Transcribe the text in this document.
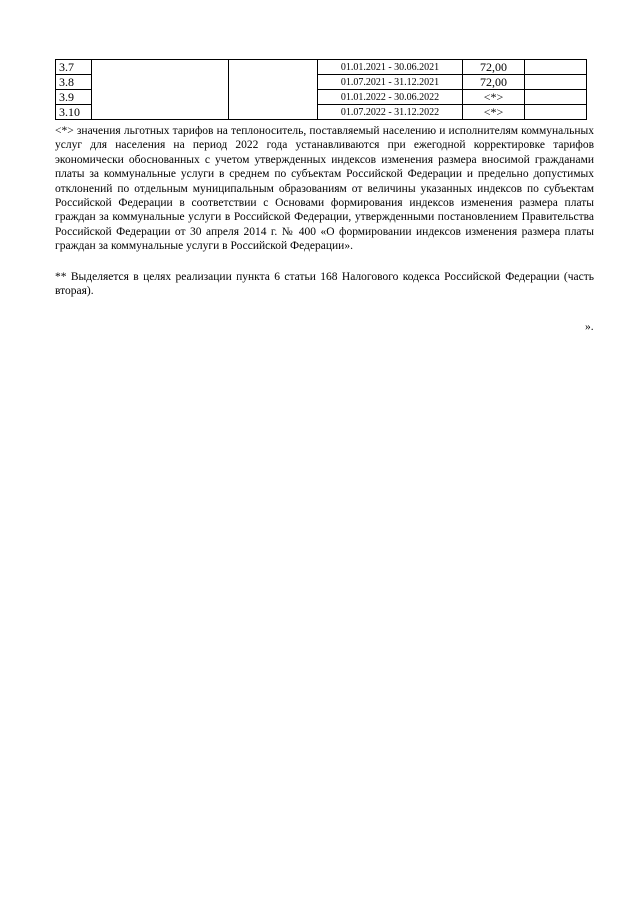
3.7			01.01.2021 - 30.06.2021	72,00	
3.8			01.07.2021 - 31.12.2021	72,00	
3.9			01.01.2022 - 30.06.2022	<*>	
3.10			01.07.2022 - 31.12.2022	<*>	

<*> значения льготных тарифов на теплоноситель, поставляемый населению и исполнителям коммунальных услуг для населения на период 2022 года устанавливаются при ежегодной корректировке тарифов экономически обоснованных с учетом утвержденных индексов изменения размера вносимой гражданами платы за коммунальные услуги в среднем по субъектам Российской Федерации и предельно допустимых отклонений по отдельным муниципальным образованиям от величины указанных индексов по субъектам Российской Федерации в соответствии с Основами формирования индексов изменения размера платы граждан за коммунальные услуги в Российской Федерации, утвержденными постановлением Правительства Российской Федерации от 30 апреля 2014 г. № 400 «О формировании индексов изменения размера платы граждан за коммунальные услуги в Российской Федерации».

** Выделяется в целях реализации пункта 6 статьи 168 Налогового кодекса Российской Федерации (часть вторая).

».
